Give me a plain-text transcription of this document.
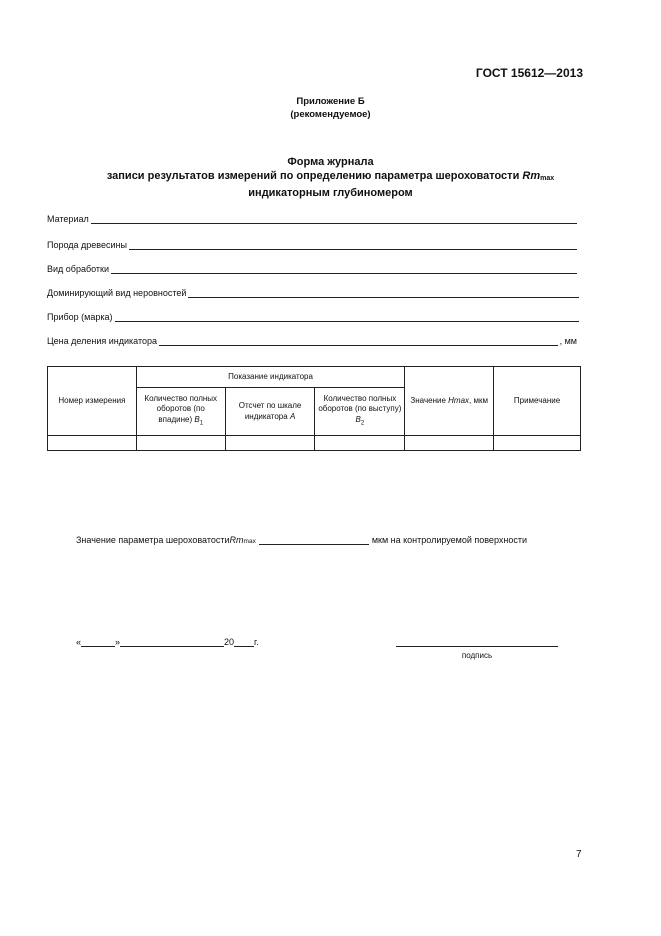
ГОСТ 15612—2013
Приложение Б
(рекомендуемое)
Форма журнала
записи результатов измерений по определению параметра шероховатости $Rm_{max}$
индикаторным глубиномером
Материал
Порода древесины
Вид обработки
Доминирующий вид неровностей
Прибор (марка)
Цена деления индикатора	, мм
Номер измерения	Показание индикатора			Значение Hmax, мкм	Примечание
	Количество полных оборотов (по впадине) $B_1$	Отсчет по шкале индикатора A	Количество полных оборотов (по выступу) $B_2$

Значение параметра шероховатости Rm max	мкм на контролируемой поверхности
«	»	20 г.
подпись
7
